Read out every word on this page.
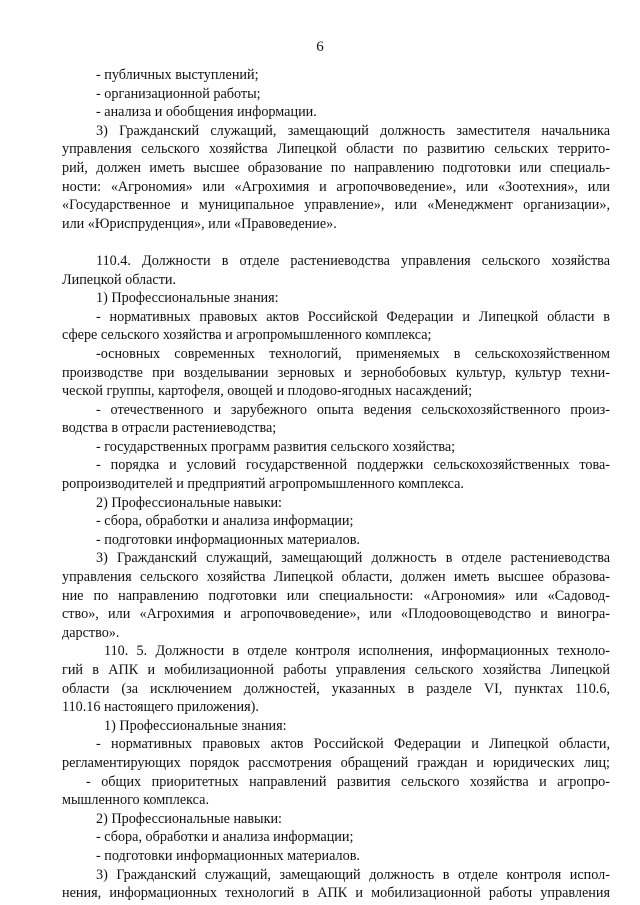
6
- публичных выступлений;
- организационной работы;
- анализа и обобщения информации.
3) Гражданский служащий, замещающий должность заместителя начальника
управления сельского хозяйства Липецкой области по развитию сельских террито-
рий, должен иметь высшее образование по направлению подготовки или специаль-
ности: «Агрономия» или «Агрохимия и агропочвоведение», или «Зоотехния», или
«Государственное и муниципальное управление», или «Менеджмент организации»,
или «Юриспруденция», или «Правоведение».
110.4. Должности в отделе растениеводства управления сельского хозяйства
Липецкой области.
1) Профессиональные знания:
- нормативных правовых актов Российской Федерации и Липецкой области в
сфере сельского хозяйства и агропромышленного комплекса;
-основных современных технологий, применяемых в сельскохозяйственном
производстве при возделывании зерновых и зернобобовых культур, культур техни-
ческой группы, картофеля, овощей и плодово-ягодных насаждений;
- отечественного и зарубежного опыта ведения сельскохозяйственного произ-
водства в отрасли растениеводства;
- государственных программ развития сельского хозяйства;
- порядка и условий государственной поддержки сельскохозяйственных това-
ропроизводителей и предприятий агропромышленного комплекса.
2) Профессиональные навыки:
- сбора, обработки и анализа информации;
- подготовки информационных материалов.
3) Гражданский служащий, замещающий должность в отделе растениеводства
управления сельского хозяйства Липецкой области, должен иметь высшее образова-
ние по направлению подготовки или специальности: «Агрономия» или «Садовод-
ство», или «Агрохимия и агропочвоведение», или «Плодоовощеводство и виногра-
дарство».
110. 5. Должности в отделе контроля исполнения, информационных техноло-
гий в АПК и мобилизационной работы управления сельского хозяйства Липецкой
области (за исключением должностей, указанных в разделе VI, пунктах 110.6,
110.16 настоящего приложения).
1) Профессиональные знания:
- нормативных правовых актов Российской Федерации и Липецкой области,
регламентирующих порядок рассмотрения обращений граждан и юридических лиц;
- общих приоритетных направлений развития сельского хозяйства и агропро-
мышленного комплекса.
2) Профессиональные навыки:
- сбора, обработки и анализа информации;
- подготовки информационных материалов.
3) Гражданский служащий, замещающий должность в отделе контроля испол-
нения, информационных технологий в АПК и мобилизационной работы управления
